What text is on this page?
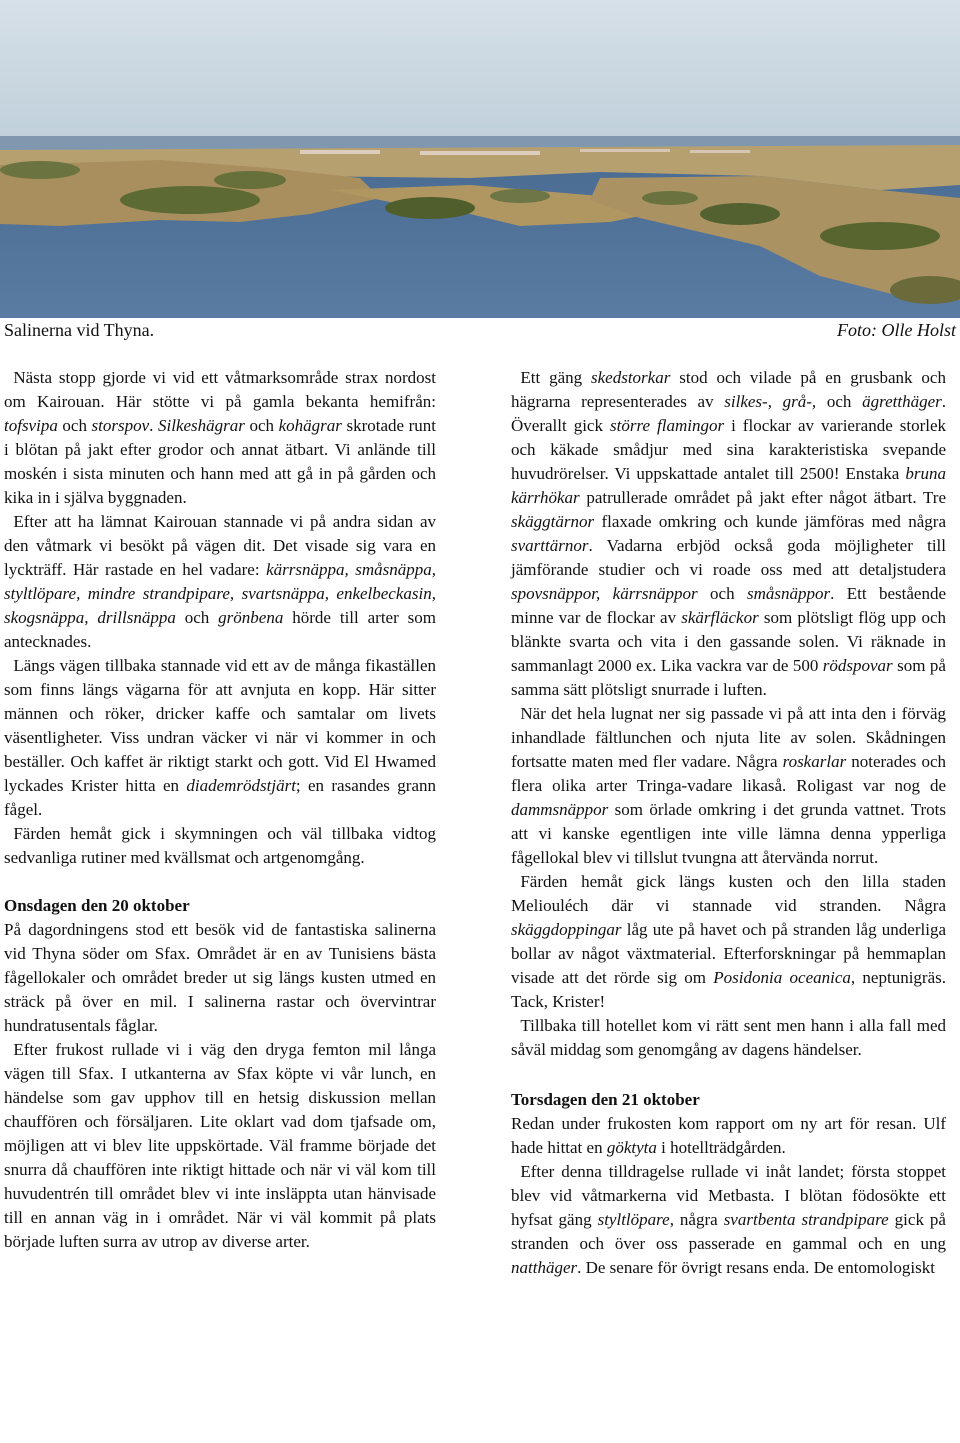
Salinerna vid Thyna.	Foto: Olle Holst

Nästa stopp gjorde vi vid ett våtmarksområde strax nordost om Kairouan. Här stötte vi på gamla bekanta hemifrån: tofsvipa och storspov. Silkeshägrar och kohägrar skrotade runt i blötan på jakt efter grodor och annat ätbart. Vi anlände till moskén i sista minuten och hann med att gå in på gården och kika in i själva byggnaden.

Efter att ha lämnat Kairouan stannade vi på andra sidan av den våtmark vi besökt på vägen dit. Det visade sig vara en lyckträff. Här rastade en hel vadare: kärrsnäppa, småsnäppa, styltlöpare, mindre strandpipare, svartsnäppa, enkelbeckasin, skogsnäppa, drillsnäppa och grönbena hörde till arter som antecknades.

Längs vägen tillbaka stannade vid ett av de många fikaställen som finns längs vägarna för att avnjuta en kopp. Här sitter männen och röker, dricker kaffe och samtalar om livets väsentligheter. Viss undran väcker vi när vi kommer in och beställer. Och kaffet är riktigt starkt och gott. Vid El Hwamed lyckades Krister hitta en diademrödstjärt; en rasandes grann fågel.

Färden hemåt gick i skymningen och väl tillbaka vidtog sedvanliga rutiner med kvällsmat och artgenomgång.

Onsdagen den 20 oktober

På dagordningens stod ett besök vid de fantastiska salinerna vid Thyna söder om Sfax. Området är en av Tunisiens bästa fågellokaler och området breder ut sig längs kusten utmed en sträck på över en mil. I salinerna rastar och övervintrar hundratusentals fåglar.

Efter frukost rullade vi i väg den dryga femton mil långa vägen till Sfax. I utkanterna av Sfax köpte vi vår lunch, en händelse som gav upphov till en hetsig diskussion mellan chauffören och försäljaren. Lite oklart vad dom tjafsade om, möjligen att vi blev lite uppskörtade. Väl framme började det snurra då chauffören inte riktigt hittade och när vi väl kom till huvudentrén till området blev vi inte insläppta utan hänvisade till en annan väg in i området. När vi väl kommit på plats började luften surra av utrop av diverse arter.

Ett gäng skedstorkar stod och vilade på en grusbank och hägrarna representerades av silkes-, grå-, och ägretthäger. Överallt gick större flamingor i flockar av varierande storlek och käkade smådjur med sina karakteristiska svepande huvudrörelser. Vi uppskattade antalet till 2500! Enstaka bruna kärrhökar patrullerade området på jakt efter något ätbart. Tre skäggtärnor flaxade omkring och kunde jämföras med några svarttärnor. Vadarna erbjöd också goda möjligheter till jämförande studier och vi roade oss med att detaljstudera spovsnäppor, kärrsnäppor och småsnäppor. Ett bestående minne var de flockar av skärfläckor som plötsligt flög upp och blänkte svarta och vita i den gassande solen. Vi räknade in sammanlagt 2000 ex. Lika vackra var de 500 rödspovar som på samma sätt plötsligt snurrade i luften.

När det hela lugnat ner sig passade vi på att inta den i förväg inhandlade fältlunchen och njuta lite av solen. Skådningen fortsatte maten med fler vadare. Några roskarlar noterades och flera olika arter Tringa-vadare likaså. Roligast var nog de dammsnäppor som örlade omkring i det grunda vattnet. Trots att vi kanske egentligen inte ville lämna denna ypperliga fågellokal blev vi tillslut tvungna att återvända norrut.

Färden hemåt gick längs kusten och den lilla staden Meliouléch där vi stannade vid stranden. Några skäggdoppingar låg ute på havet och på stranden låg underliga bollar av något växtmaterial. Efterforskningar på hemmaplan visade att det rörde sig om Posidonia oceanica, neptunigräs. Tack, Krister!

Tillbaka till hotellet kom vi rätt sent men hann i alla fall med såväl middag som genomgång av dagens händelser.

Torsdagen den 21 oktober

Redan under frukosten kom rapport om ny art för resan. Ulf hade hittat en göktyta i hotellträdgården.

Efter denna tilldragelse rullade vi inåt landet; första stoppet blev vid våtmarkerna vid Metbasta. I blötan födosökte ett hyfsat gäng styltlöpare, några svartbenta strandpipare gick på stranden och över oss passerade en gammal och en ung natthäger. De senare för övrigt resans enda. De entomologiskt
